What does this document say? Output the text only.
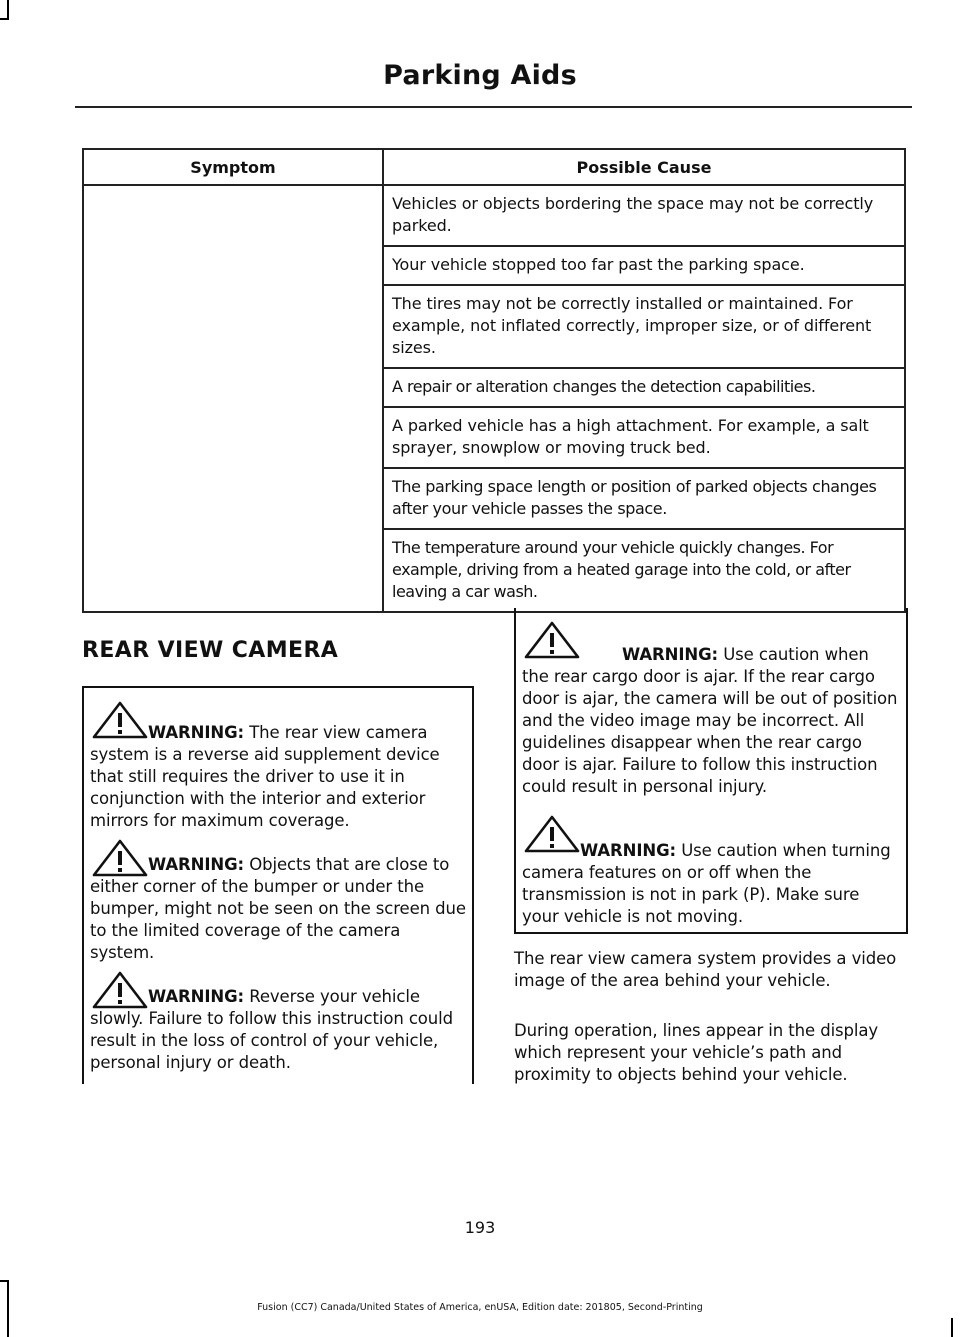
Parking Aids
Symptom	Possible Cause
	Vehicles or objects bordering the space may not be correctly parked.
	Your vehicle stopped too far past the parking space.
	The tires may not be correctly installed or maintained. For example, not inflated correctly, improper size, or of different sizes.
	A repair or alteration changes the detection capabilities.
	A parked vehicle has a high attachment. For example, a salt sprayer, snowplow or moving truck bed.
	The parking space length or position of parked objects changes after your vehicle passes the space.
	The temperature around your vehicle quickly changes. For example, driving from a heated garage into the cold, or after leaving a car wash.
REAR VIEW CAMERA
WARNING: The rear view camera system is a reverse aid supplement device that still requires the driver to use it in conjunction with the interior and exterior mirrors for maximum coverage.
WARNING: Objects that are close to either corner of the bumper or under the bumper, might not be seen on the screen due to the limited coverage of the camera system.
WARNING: Reverse your vehicle slowly. Failure to follow this instruction could result in the loss of control of your vehicle, personal injury or death.
WARNING: Use caution when the rear cargo door is ajar. If the rear cargo door is ajar, the camera will be out of position and the video image may be incorrect. All guidelines disappear when the rear cargo door is ajar. Failure to follow this instruction could result in personal injury.
WARNING: Use caution when turning camera features on or off when the transmission is not in park (P). Make sure your vehicle is not moving.
The rear view camera system provides a video image of the area behind your vehicle.
During operation, lines appear in the display which represent your vehicle’s path and proximity to objects behind your vehicle.
193
Fusion (CC7) Canada/United States of America, enUSA, Edition date: 201805, Second-Printing
